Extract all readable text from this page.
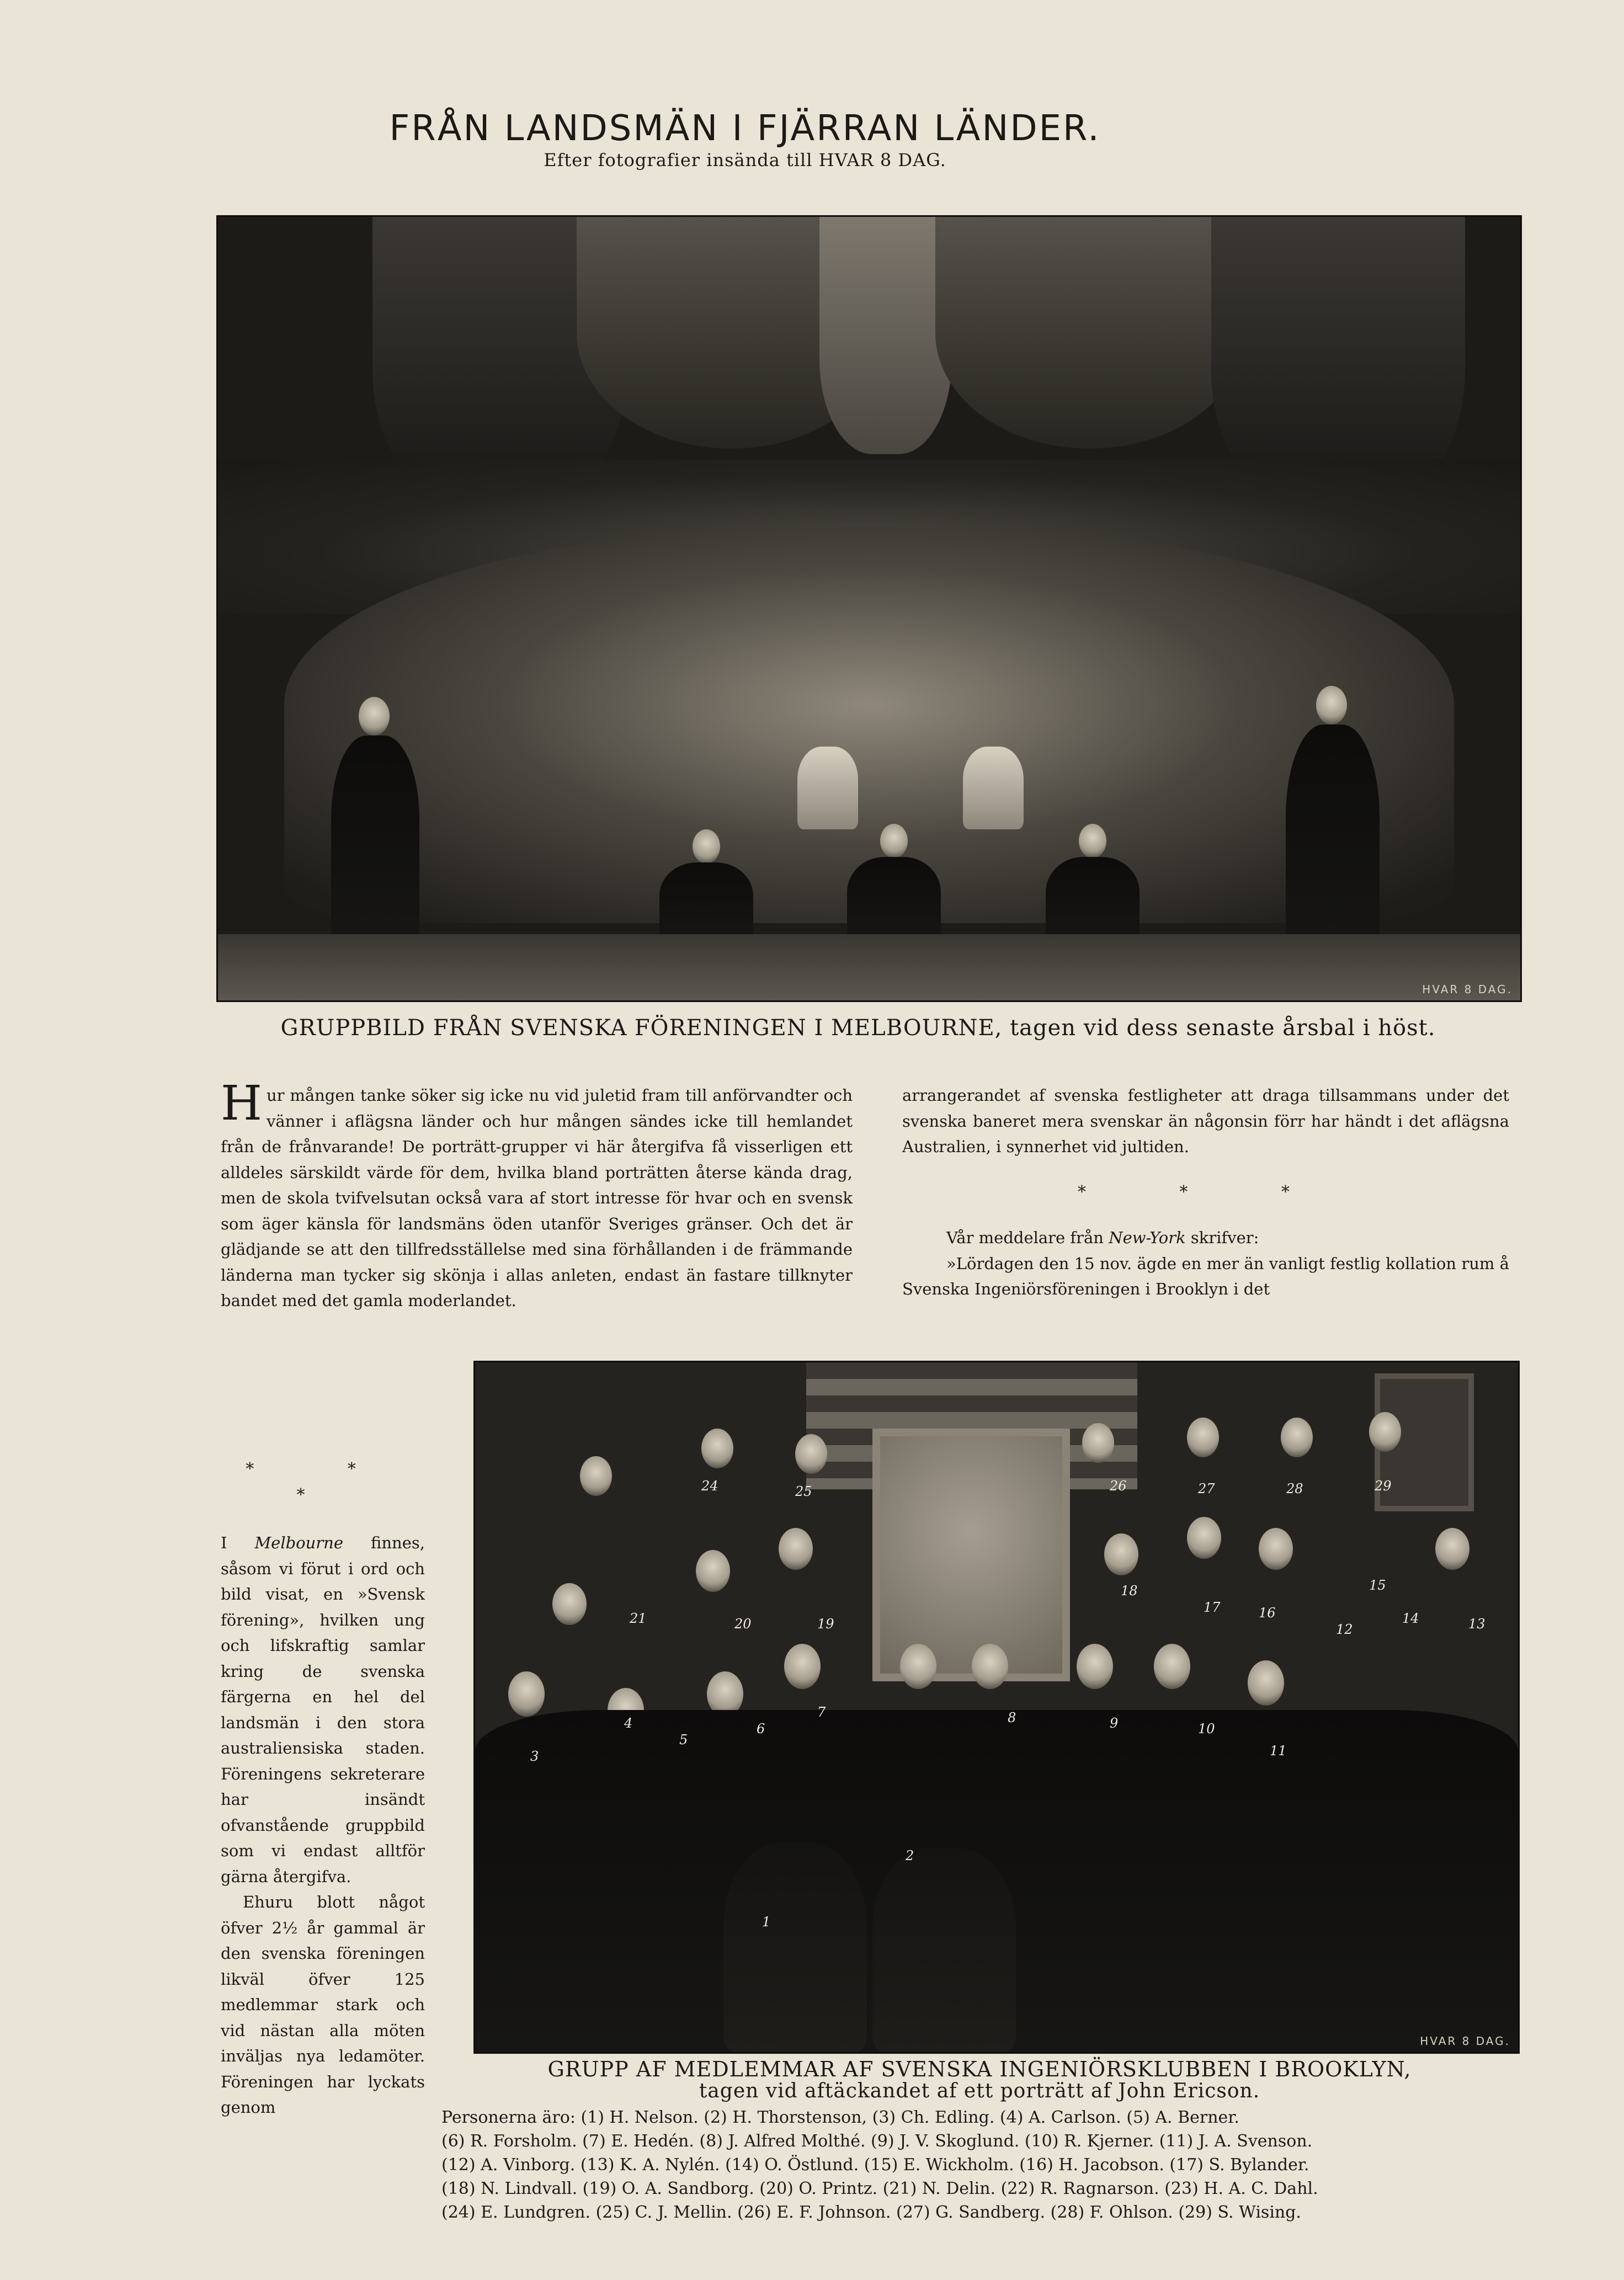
FRÅN LANDSMÄN I FJÄRRAN LÄNDER.
Efter fotografier insända till HVAR 8 DAG.
HVAR 8 DAG.
GRUPPBILD FRÅN SVENSKA FÖRENINGEN I MELBOURNE, tagen vid dess senaste årsbal i höst.
H ur mången tanke söker sig icke nu vid juletid fram till anförvandter och vänner i aflägsna länder och hur mången sändes icke till hemlandet från de frånvarande! De porträtt-grupper vi här återgifva få visserligen ett alldeles särskildt värde för dem, hvilka bland porträtten återse kända drag, men de skola tvifvelsutan också vara af stort intresse för hvar och en svensk som äger känsla för landsmäns öden utanför Sveriges gränser. Och det är glädjande se att den tillfredsställelse med sina förhållanden i de främmande länderna man tycker sig skönja i allas anleten, endast än fastare tillknyter bandet med det gamla moderlandet.

* * *

I Melbourne finnes, såsom vi förut i ord och bild visat, en »Svensk förening», hvilken ung och lifskraftig samlar kring de svenska färgerna en hel del landsmän i den stora australiensiska staden. Föreningens sekreterare har insändt ofvanstående gruppbild som vi endast alltför gärna återgifva.

Ehuru blott något öfver 2½ år gammal är den svenska föreningen likväl öfver 125 medlemmar stark och vid nästan alla möten inväljas nya ledamöter. Föreningen har lyckats genom

arrangerandet af svenska festligheter att draga tillsammans under det svenska baneret mera svenskar än någonsin förr har händt i det aflägsna Australien, i synnerhet vid jultiden.

* * *

Vår meddelare från New-York skrifver:

»Lördagen den 15 nov. ägde en mer än vanligt festlig kollation rum å Svenska Ingeniörsföreningen i Brooklyn i det

1
2
3
4
5
6
7	8	9	10
11
12	13
14
15
16
17
18
19
20
21
24	25	26	27	28	29
HVAR 8 DAG.
GRUPP AF MEDLEMMAR AF SVENSKA INGENIÖRSKLUBBEN I BROOKLYN,
tagen vid aftäckandet af ett porträtt af John Ericson.

Personerna äro: (1) H. Nelson. (2) H. Thorstenson, (3) Ch. Edling. (4) A. Carlson. (5) A. Berner.

(6) R. Forsholm. (7) E. Hedén. (8) J. Alfred Molthé. (9) J. V. Skoglund. (10) R. Kjerner. (11) J. A. Svenson.

(12) A. Vinborg. (13) K. A. Nylén. (14) O. Östlund. (15) E. Wickholm. (16) H. Jacobson. (17) S. Bylander.

(18) N. Lindvall. (19) O. A. Sandborg. (20) O. Printz. (21) N. Delin. (22) R. Ragnarson. (23) H. A. C. Dahl.

(24) E. Lundgren. (25) C. J. Mellin. (26) E. F. Johnson. (27) G. Sandberg. (28) F. Ohlson. (29) S. Wising.
